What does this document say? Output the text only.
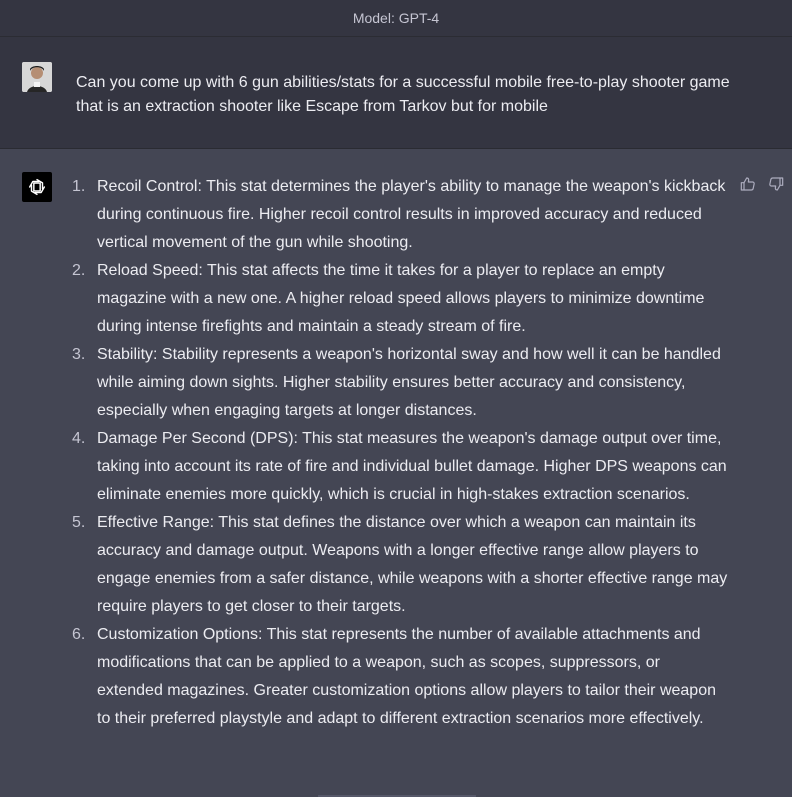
Model: GPT-4
Can you come up with 6 gun abilities/stats for a successful mobile free-to-play shooter game that is an extraction shooter like Escape from Tarkov but for mobile
1. Recoil Control: This stat determines the player's ability to manage the weapon's kickback during continuous fire. Higher recoil control results in improved accuracy and reduced vertical movement of the gun while shooting.
2. Reload Speed: This stat affects the time it takes for a player to replace an empty magazine with a new one. A higher reload speed allows players to minimize downtime during intense firefights and maintain a steady stream of fire.
3. Stability: Stability represents a weapon's horizontal sway and how well it can be handled while aiming down sights. Higher stability ensures better accuracy and consistency, especially when engaging targets at longer distances.
4. Damage Per Second (DPS): This stat measures the weapon's damage output over time, taking into account its rate of fire and individual bullet damage. Higher DPS weapons can eliminate enemies more quickly, which is crucial in high-stakes extraction scenarios.
5. Effective Range: This stat defines the distance over which a weapon can maintain its accuracy and damage output. Weapons with a longer effective range allow players to engage enemies from a safer distance, while weapons with a shorter effective range may require players to get closer to their targets.
6. Customization Options: This stat represents the number of available attachments and modifications that can be applied to a weapon, such as scopes, suppressors, or extended magazines. Greater customization options allow players to tailor their weapon to their preferred playstyle and adapt to different extraction scenarios more effectively.
